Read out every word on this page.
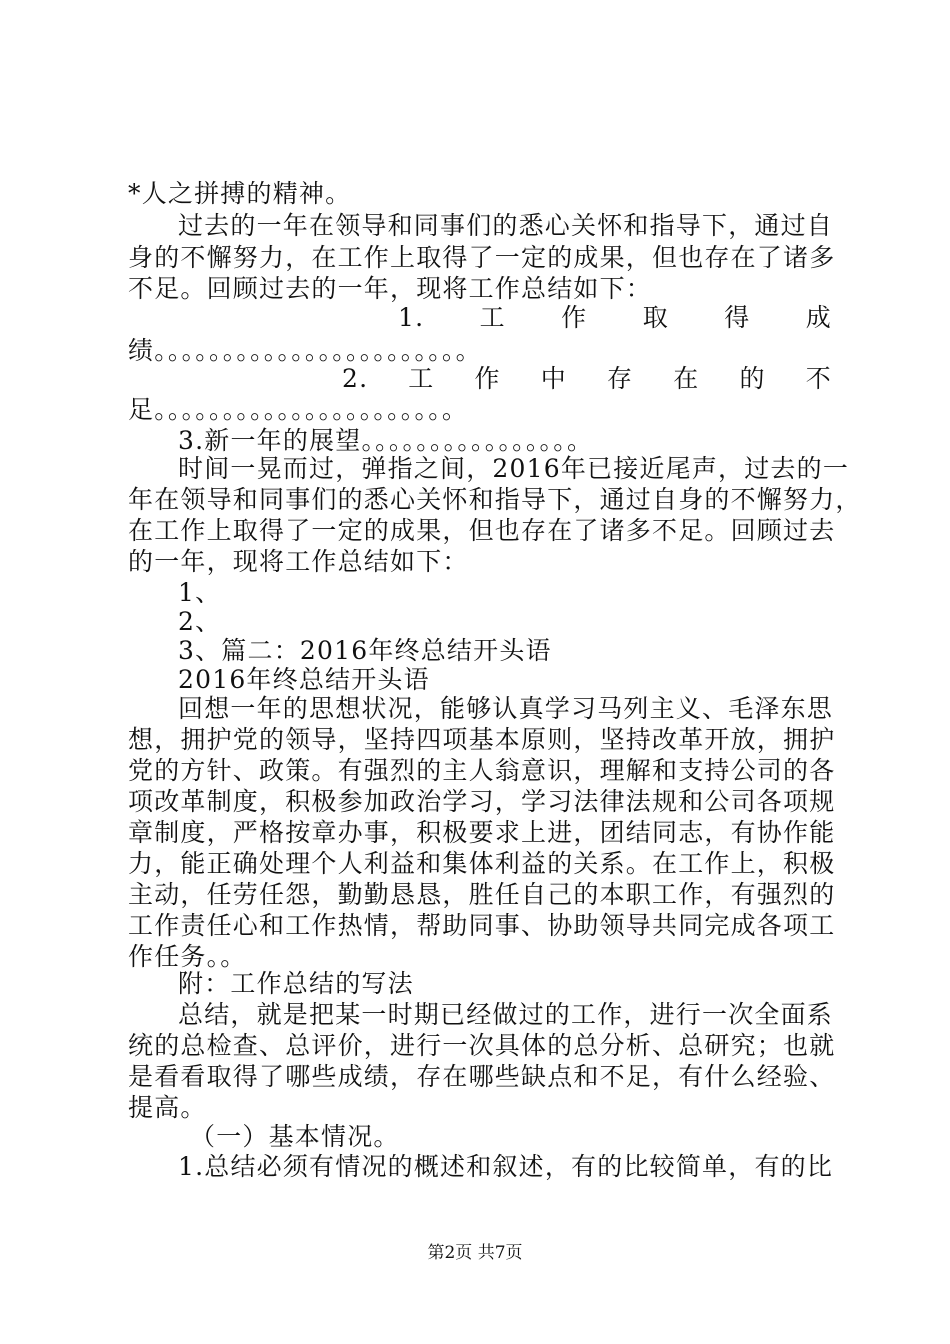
*人之拼搏的精神。
过去的一年在领导和同事们的悉心关怀和指导下，通过自
身的不懈努力，在工作上取得了一定的成果，但也存在了诸多
不足。回顾过去的一年，现将工作总结如下：
1. 工 作 取 得 成
绩。。。。。。。。。。。。。。。。。。。。。。。
2. 工 作 中 存 在 的 不
足。。。。。。。。。。。。。。。。。。。。。。
3.新一年的展望。。。。。。。。。。。。。。。。
时间一晃而过，弹指之间，2016年已接近尾声，过去的一
年在领导和同事们的悉心关怀和指导下，通过自身的不懈努力，
在工作上取得了一定的成果，但也存在了诸多不足。回顾过去
的一年，现将工作总结如下：
1、
2、
3、篇二：2016年终总结开头语
2016年终总结开头语
回想一年的思想状况，能够认真学习马列主义、毛泽东思
想，拥护党的领导，坚持四项基本原则，坚持改革开放，拥护
党的方针、政策。有强烈的主人翁意识，理解和支持公司的各
项改革制度，积极参加政治学习，学习法律法规和公司各项规
章制度，严格按章办事，积极要求上进，团结同志，有协作能
力，能正确处理个人利益和集体利益的关系。在工作上，积极
主动，任劳任怨，勤勤恳恳，胜任自己的本职工作，有强烈的
工作责任心和工作热情，帮助同事、协助领导共同完成各项工
作任务。。
附：工作总结的写法
总结，就是把某一时期已经做过的工作，进行一次全面系
统的总检查、总评价，进行一次具体的总分析、总研究；也就
是看看取得了哪些成绩，存在哪些缺点和不足，有什么经验、
提高。
（一）基本情况。
1.总结必须有情况的概述和叙述，有的比较简单，有的比
第2页 共7页
